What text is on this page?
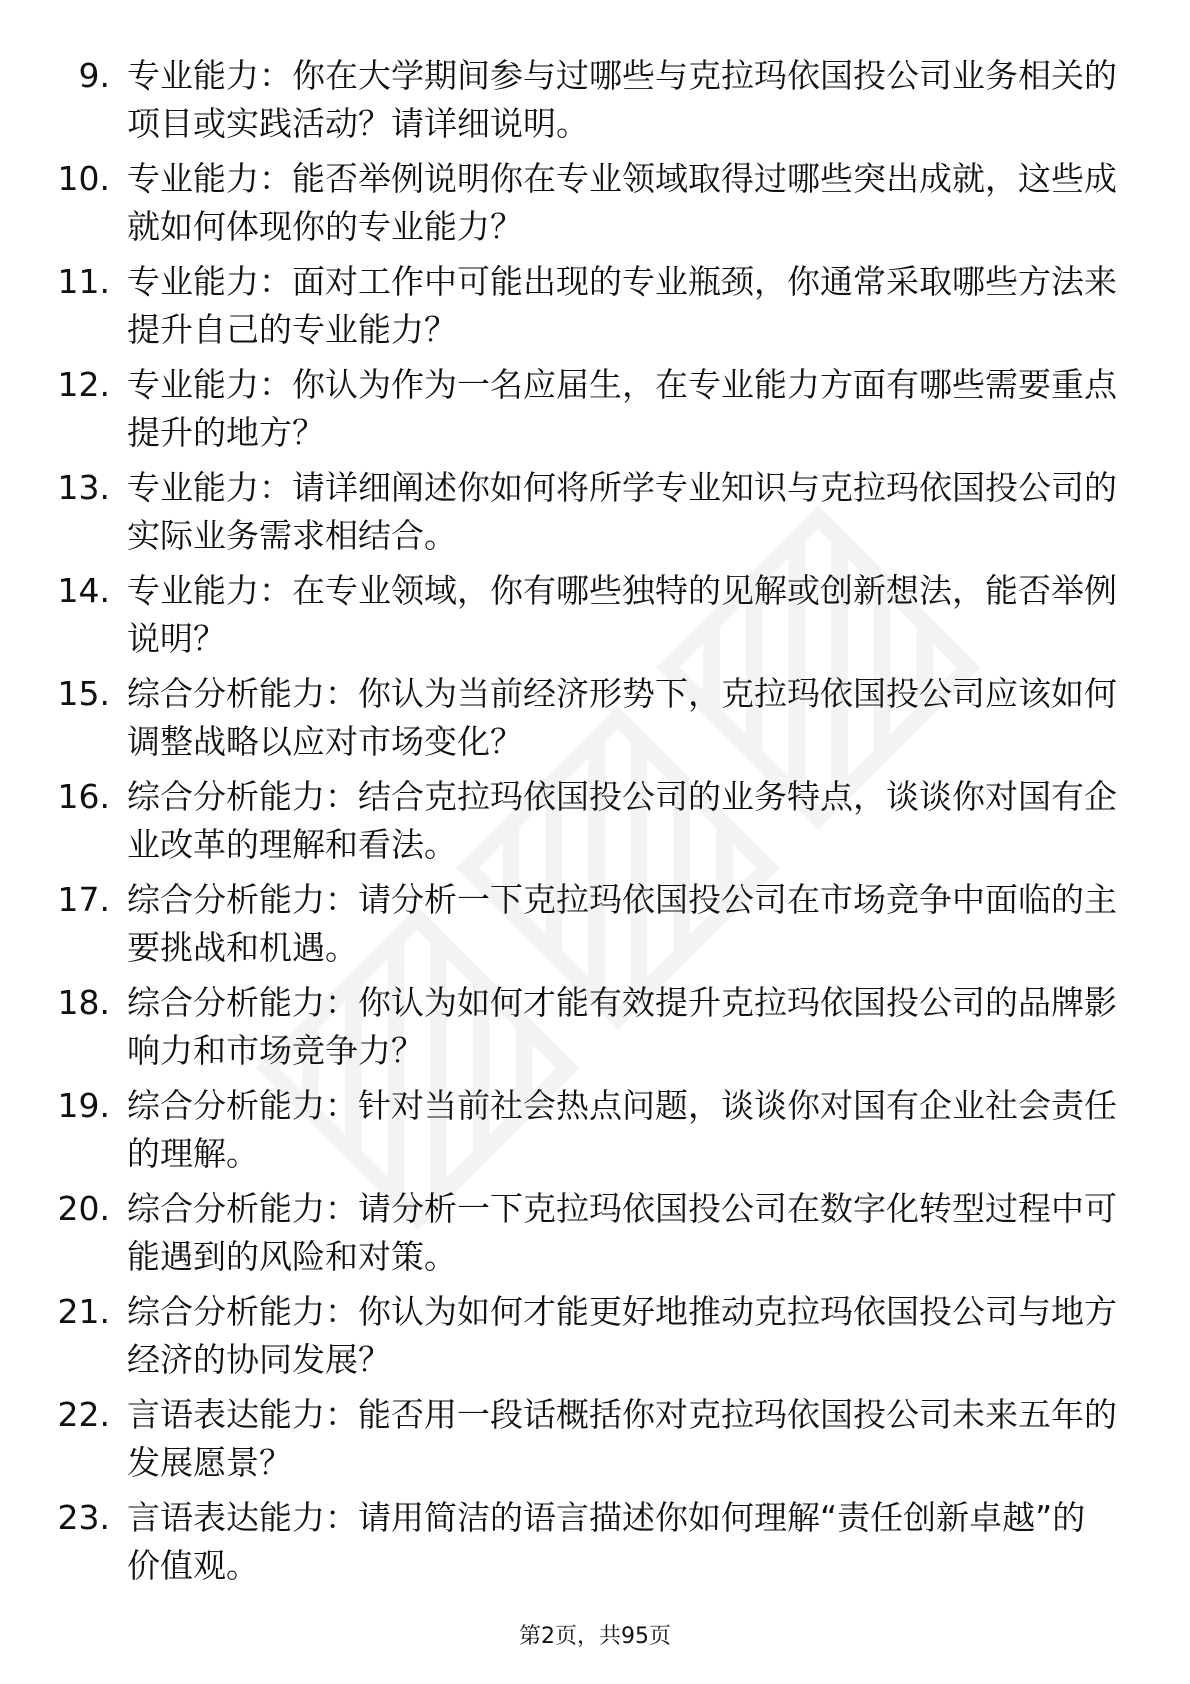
9. 专业能力：你在大学期间参与过哪些与克拉玛依国投公司业务相关的项目或实践活动？请详细说明。
10. 专业能力：能否举例说明你在专业领域取得过哪些突出成就，这些成就如何体现你的专业能力？
11. 专业能力：面对工作中可能出现的专业瓶颈，你通常采取哪些方法来提升自己的专业能力？
12. 专业能力：你认为作为一名应届生，在专业能力方面有哪些需要重点提升的地方？
13. 专业能力：请详细阐述你如何将所学专业知识与克拉玛依国投公司的实际业务需求相结合。
14. 专业能力：在专业领域，你有哪些独特的见解或创新想法，能否举例说明？
15. 综合分析能力：你认为当前经济形势下，克拉玛依国投公司应该如何调整战略以应对市场变化？
16. 综合分析能力：结合克拉玛依国投公司的业务特点，谈谈你对国有企业改革的理解和看法。
17. 综合分析能力：请分析一下克拉玛依国投公司在市场竞争中面临的主要挑战和机遇。
18. 综合分析能力：你认为如何才能有效提升克拉玛依国投公司的品牌影响力和市场竞争力？
19. 综合分析能力：针对当前社会热点问题，谈谈你对国有企业社会责任的理解。
20. 综合分析能力：请分析一下克拉玛依国投公司在数字化转型过程中可能遇到的风险和对策。
21. 综合分析能力：你认为如何才能更好地推动克拉玛依国投公司与地方经济的协同发展？
22. 言语表达能力：能否用一段话概括你对克拉玛依国投公司未来五年的发展愿景？
23. 言语表达能力：请用简洁的语言描述你如何理解“责任创新卓越”的价值观。
第2页，共95页
